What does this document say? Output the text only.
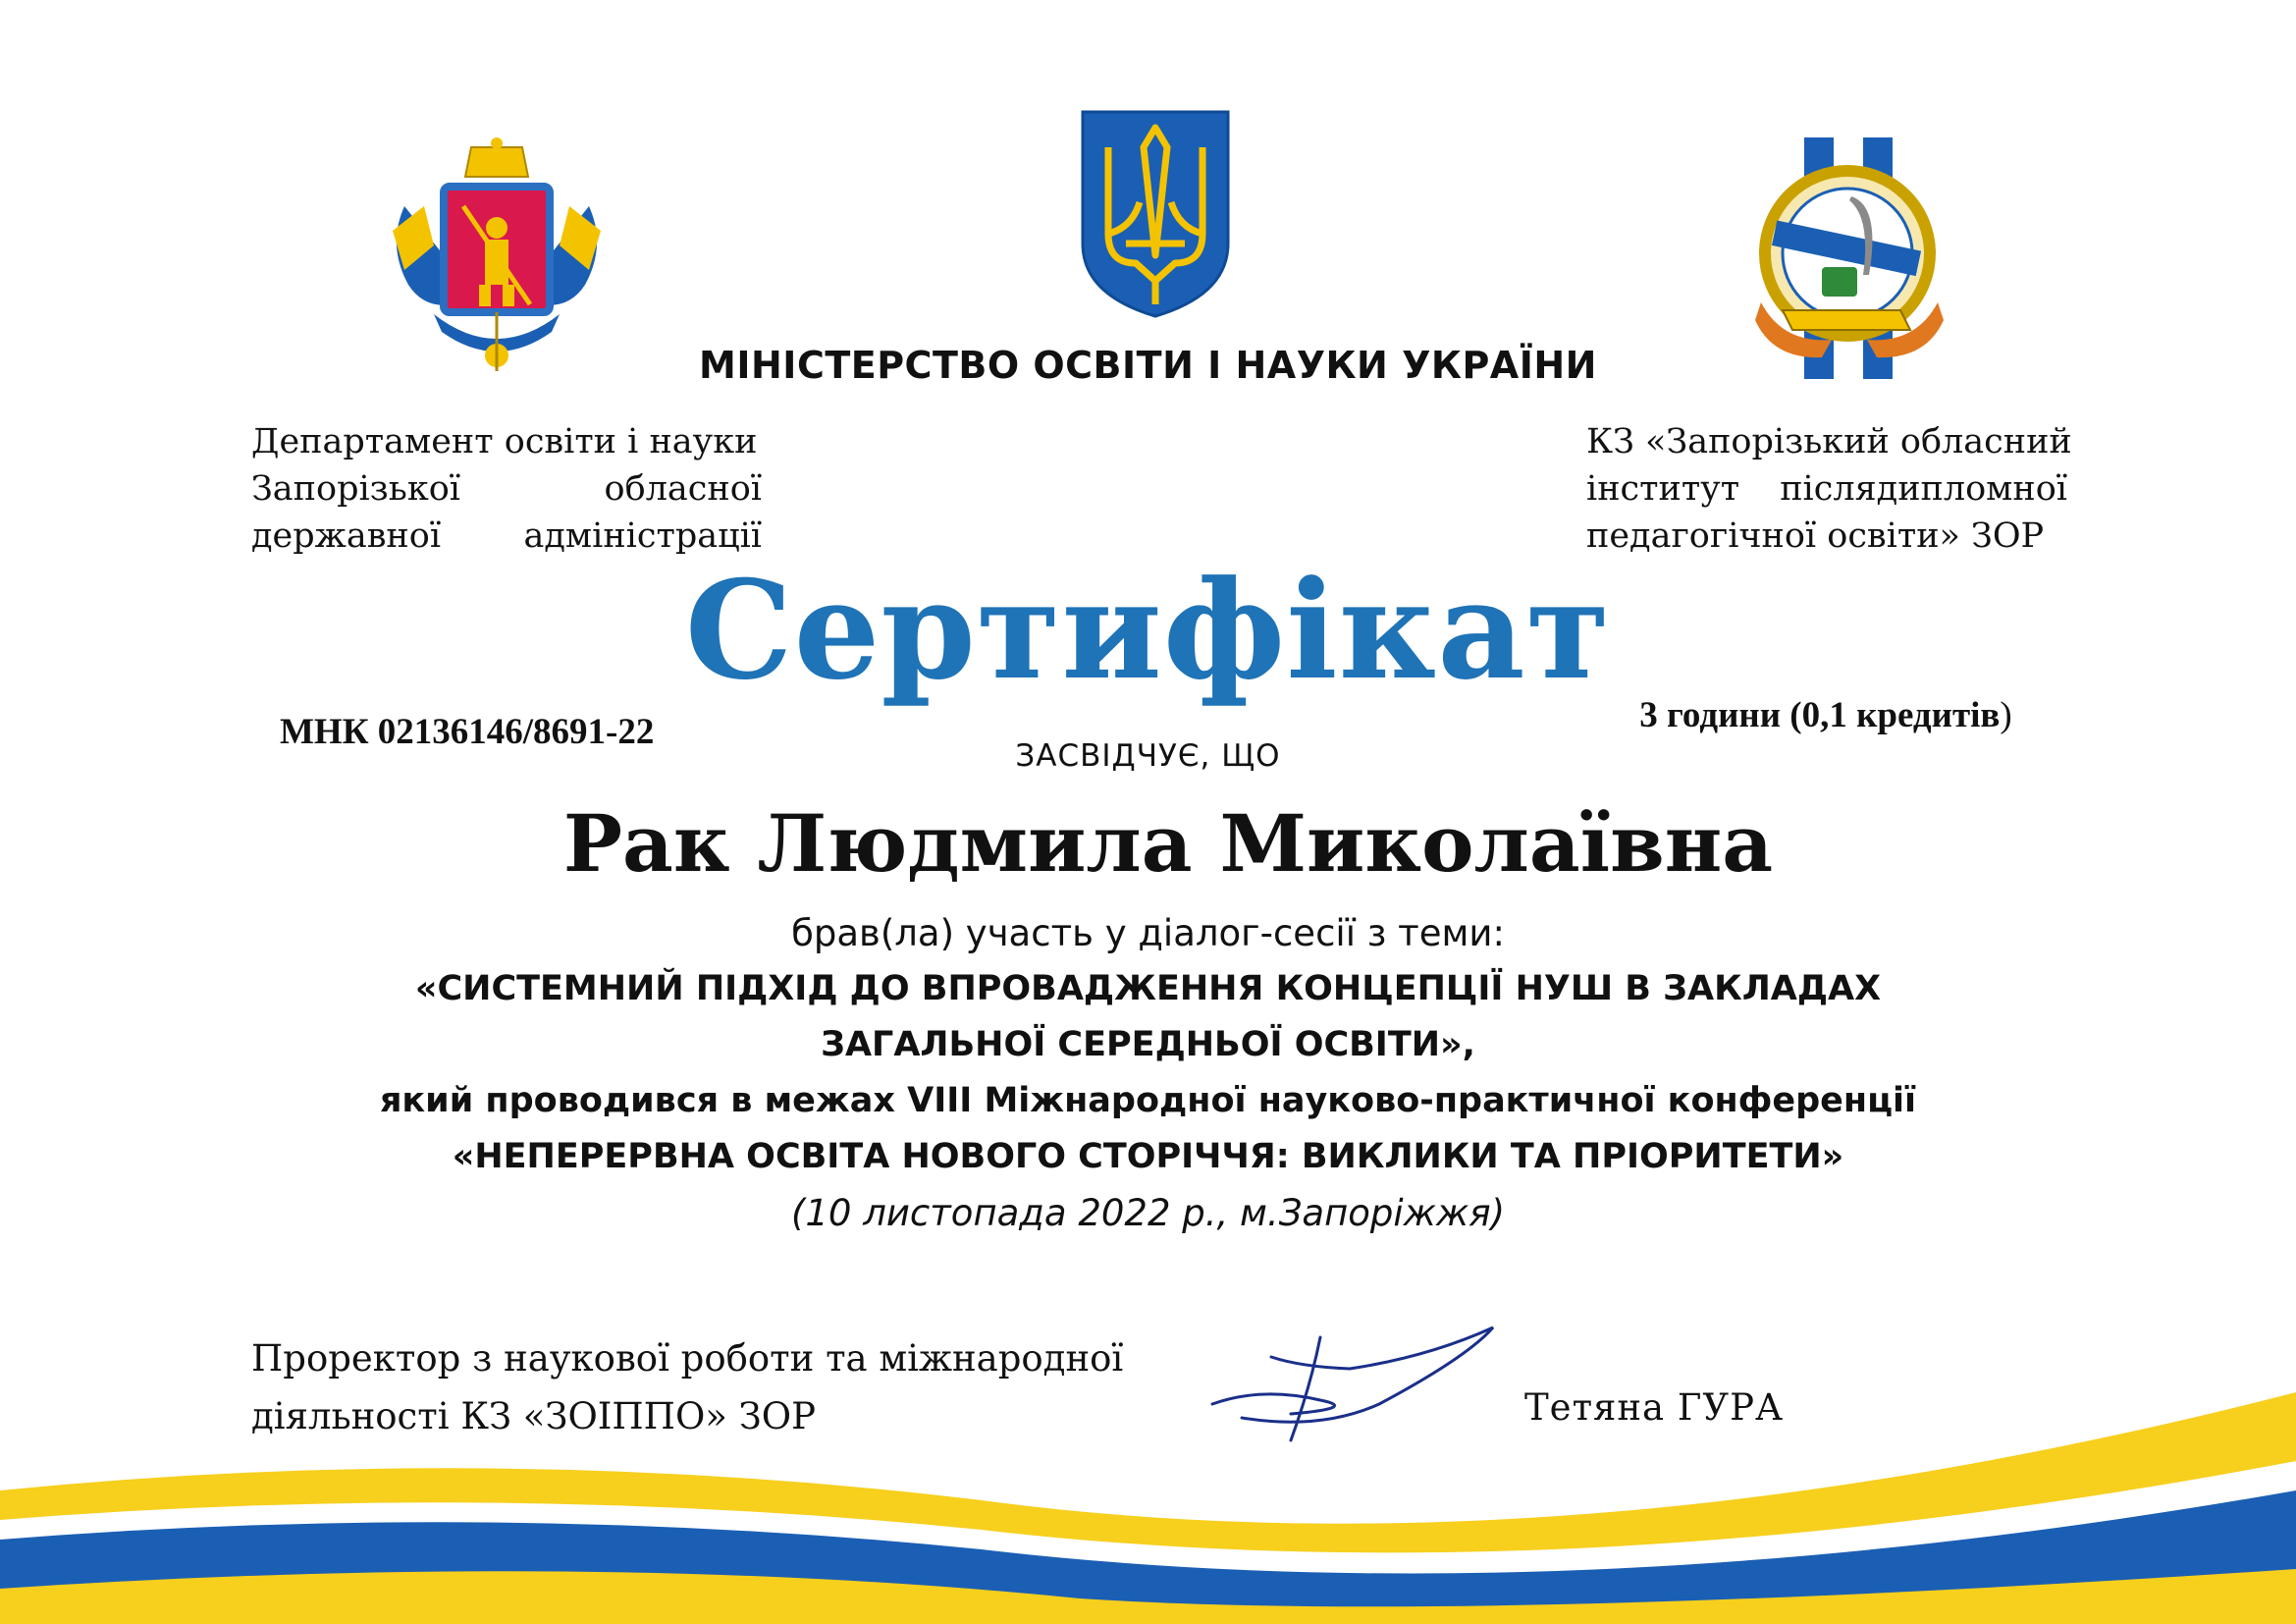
МІНІСТЕРСТВО ОСВІТИ І НАУКИ УКРАЇНИ
Департамент освіти і науки
Запорізької обласної
державної адміністрації
КЗ «Запорізький обласний
інститут післядипломної
педагогічної освіти» ЗОР
Сертифікат
МНК 02136146/8691-22	3 години (0,1 кредитів)
ЗАСВІДЧУЄ, ЩО
Рак Людмила Миколаївна
брав(ла) участь у діалог-сесії з теми:
«СИСТЕМНИЙ ПІДХІД ДО ВПРОВАДЖЕННЯ КОНЦЕПЦІЇ НУШ В ЗАКЛАДАХ
ЗАГАЛЬНОЇ СЕРЕДНЬОЇ ОСВІТИ»,
який проводився в межах VIII Міжнародної науково-практичної конференції
«НЕПЕРЕРВНА ОСВІТА НОВОГО СТОРІЧЧЯ: ВИКЛИКИ ТА ПРІОРИТЕТИ»
(10 листопада 2022 р., м.Запоріжжя)
Проректор з наукової роботи та міжнародної
діяльності КЗ «ЗОІППО» ЗОР	Тетяна ГУРА
